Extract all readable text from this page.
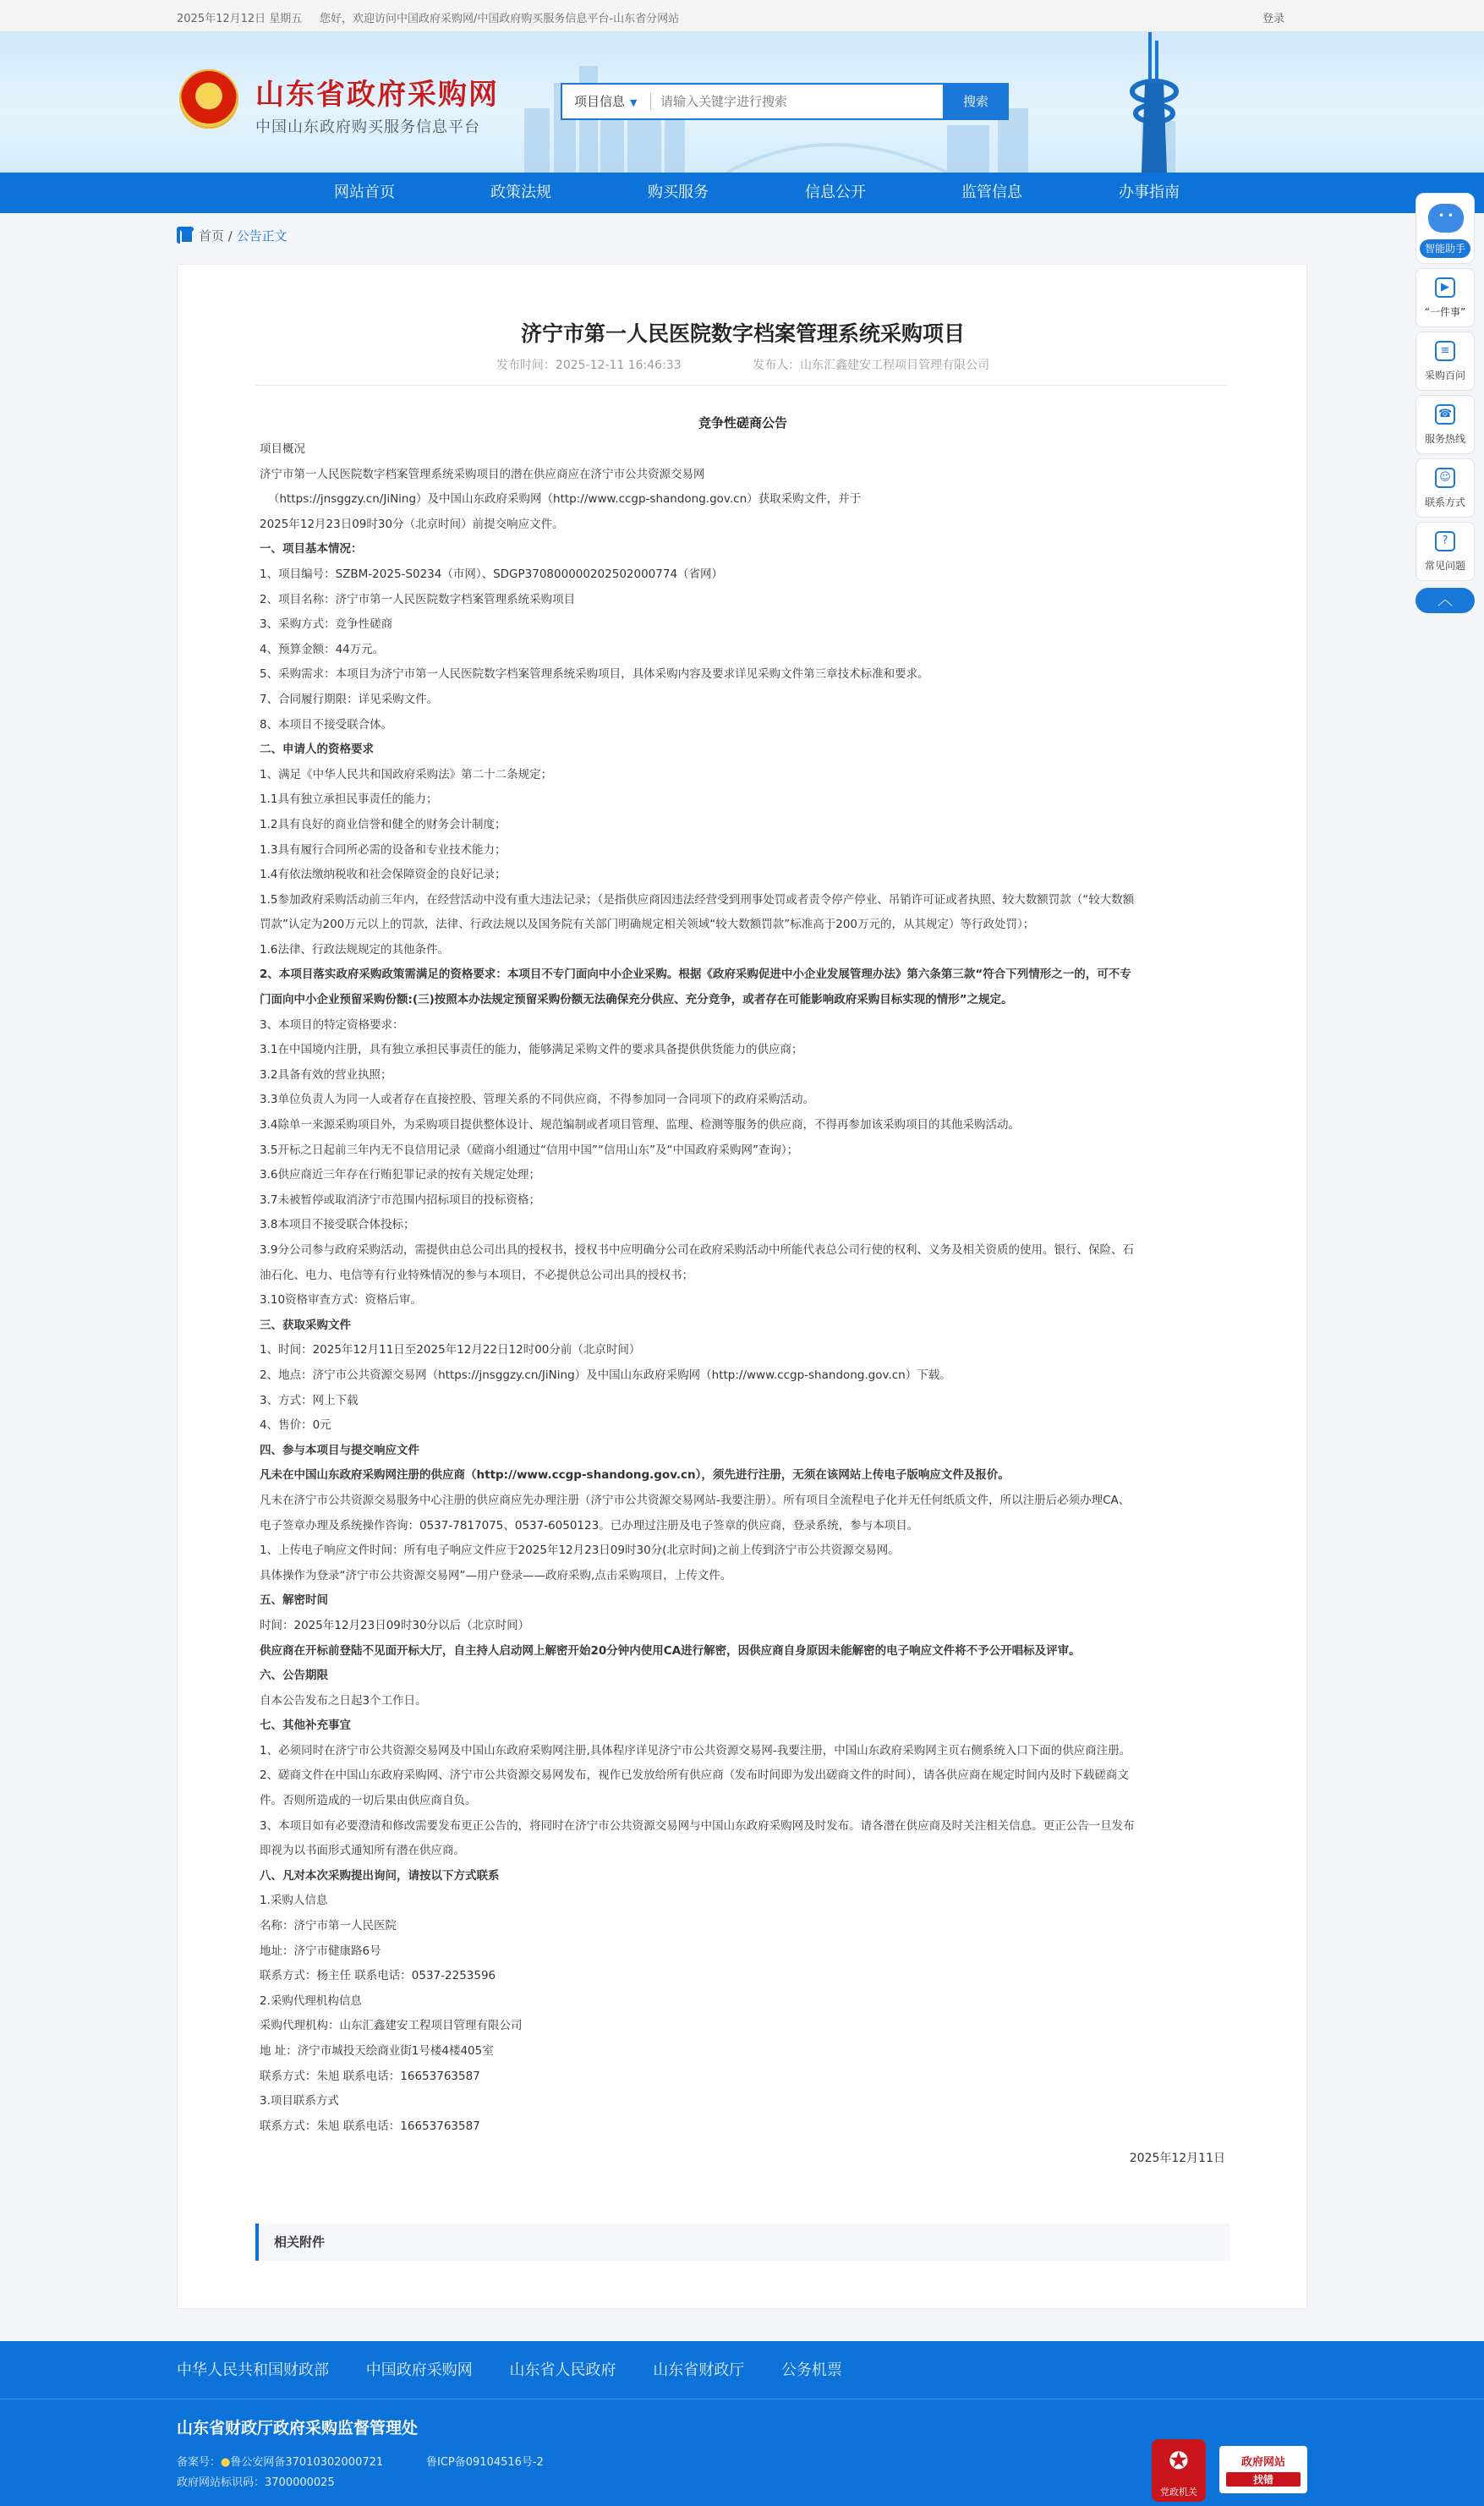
2025年12月12日 星期五 您好，欢迎访问中国政府采购网/中国政府购买服务信息平台-山东省分网站	登录
★
山东省政府采购网
中国山东政府购买服务信息平台
项目信息 ▼
请输入关键字进行搜索	搜索
网站首页	政策法规	购买服务	信息公开	监管信息	办事指南
首页 / 公告正文
济宁市第一人民医院数字档案管理系统采购项目
发布时间：2025-12-11 16:46:33	发布人：山东汇鑫建安工程项目管理有限公司
竞争性磋商公告

项目概况

济宁市第一人民医院数字档案管理系统采购项目的潜在供应商应在济宁市公共资源交易网

（https://jnsggzy.cn/JiNing）及中国山东政府采购网（http://www.ccgp-shandong.gov.cn）获取采购文件，并于

2025年12月23日09时30分（北京时间）前提交响应文件。

一、项目基本情况：

1、项目编号：SZBM-2025-S0234（市网）、SDGP370800000202502000774（省网）

2、项目名称：济宁市第一人民医院数字档案管理系统采购项目

3、采购方式：竞争性磋商

4、预算金额：44万元。

5、采购需求：本项目为济宁市第一人民医院数字档案管理系统采购项目，具体采购内容及要求详见采购文件第三章技术标准和要求。

7、合同履行期限：详见采购文件。

8、本项目不接受联合体。

二、申请人的资格要求

1、满足《中华人民共和国政府采购法》第二十二条规定；

1.1具有独立承担民事责任的能力；

1.2具有良好的商业信誉和健全的财务会计制度；

1.3具有履行合同所必需的设备和专业技术能力；

1.4有依法缴纳税收和社会保障资金的良好记录；

1.5参加政府采购活动前三年内，在经营活动中没有重大违法记录；（是指供应商因违法经营受到刑事处罚或者责令停产停业、吊销许可证或者执照、较大数额罚款（“较大数额

罚款”认定为200万元以上的罚款，法律、行政法规以及国务院有关部门明确规定相关领域“较大数额罚款”标准高于200万元的，从其规定）等行政处罚）；

1.6法律、行政法规规定的其他条件。

2、本项目落实政府采购政策需满足的资格要求：本项目不专门面向中小企业采购。根据《政府采购促进中小企业发展管理办法》第六条第三款“符合下列情形之一的，可不专

门面向中小企业预留采购份额:(三)按照本办法规定预留采购份额无法确保充分供应、充分竞争，或者存在可能影响政府采购目标实现的情形”之规定。

3、本项目的特定资格要求：

3.1在中国境内注册，具有独立承担民事责任的能力，能够满足采购文件的要求具备提供供货能力的供应商；

3.2具备有效的营业执照；

3.3单位负责人为同一人或者存在直接控股、管理关系的不同供应商，不得参加同一合同项下的政府采购活动。

3.4除单一来源采购项目外，为采购项目提供整体设计、规范编制或者项目管理、监理、检测等服务的供应商，不得再参加该采购项目的其他采购活动。

3.5开标之日起前三年内无不良信用记录（磋商小组通过“信用中国”“信用山东”及“中国政府采购网”查询）；

3.6供应商近三年存在行贿犯罪记录的按有关规定处理；

3.7未被暂停或取消济宁市范围内招标项目的投标资格；

3.8本项目不接受联合体投标；

3.9分公司参与政府采购活动，需提供由总公司出具的授权书，授权书中应明确分公司在政府采购活动中所能代表总公司行使的权利、义务及相关资质的使用。银行、保险、石

油石化、电力、电信等有行业特殊情况的参与本项目，不必提供总公司出具的授权书；

3.10资格审查方式：资格后审。

三、获取采购文件

1、时间：2025年12月11日至2025年12月22日12时00分前（北京时间）

2、地点：济宁市公共资源交易网（https://jnsggzy.cn/JiNing）及中国山东政府采购网（http://www.ccgp-shandong.gov.cn）下载。

3、方式：网上下载

4、售价：0元

四、参与本项目与提交响应文件

凡未在中国山东政府采购网注册的供应商（http://www.ccgp-shandong.gov.cn），须先进行注册，无须在该网站上传电子版响应文件及报价。

凡未在济宁市公共资源交易服务中心注册的供应商应先办理注册（济宁市公共资源交易网站-我要注册）。所有项目全流程电子化并无任何纸质文件，所以注册后必须办理CA、

电子签章办理及系统操作咨询：0537-7817075、0537-6050123。已办理过注册及电子签章的供应商，登录系统，参与本项目。

1、上传电子响应文件时间：所有电子响应文件应于2025年12月23日09时30分(北京时间)之前上传到济宁市公共资源交易网。

具体操作为登录“济宁市公共资源交易网”—用户登录——政府采购,点击采购项目，上传文件。

五、解密时间

时间：2025年12月23日09时30分以后（北京时间）

供应商在开标前登陆不见面开标大厅，自主持人启动网上解密开始20分钟内使用CA进行解密，因供应商自身原因未能解密的电子响应文件将不予公开唱标及评审。

六、公告期限

自本公告发布之日起3个工作日。

七、其他补充事宜

1、必须同时在济宁市公共资源交易网及中国山东政府采购网注册,具体程序详见济宁市公共资源交易网-我要注册，中国山东政府采购网主页右侧系统入口下面的供应商注册。

2、磋商文件在中国山东政府采购网、济宁市公共资源交易网发布，视作已发放给所有供应商（发布时间即为发出磋商文件的时间），请各供应商在规定时间内及时下载磋商文

件。否则所造成的一切后果由供应商自负。

3、本项目如有必要澄清和修改需要发布更正公告的，将同时在济宁市公共资源交易网与中国山东政府采购网及时发布。请各潜在供应商及时关注相关信息。更正公告一旦发布

即视为以书面形式通知所有潜在供应商。

八、凡对本次采购提出询问，请按以下方式联系

1.采购人信息

名称：济宁市第一人民医院

地址：济宁市健康路6号

联系方式：杨主任 联系电话：0537-2253596

2.采购代理机构信息

采购代理机构：山东汇鑫建安工程项目管理有限公司

地 址：济宁市城投天绘商业街1号楼4楼405室

联系方式：朱旭 联系电话：16653763587

3.项目联系方式

联系方式：朱旭 联系电话：16653763587

2025年12月11日
相关附件
• •
智能助手
▶
“一件事”
≡
采购百问
☎
服务热线
☺
联系方式
?
常见问题
︿
中华人民共和国财政部 中国政府采购网 山东省人民政府 山东省财政厅 公务机票
山东省财政厅政府采购监督管理处
备案号：●鲁公安网备37010302000721	鲁ICP备09104516号-2
政府网站标识码：3700000025
✪
党政机关
政府网站
找错
